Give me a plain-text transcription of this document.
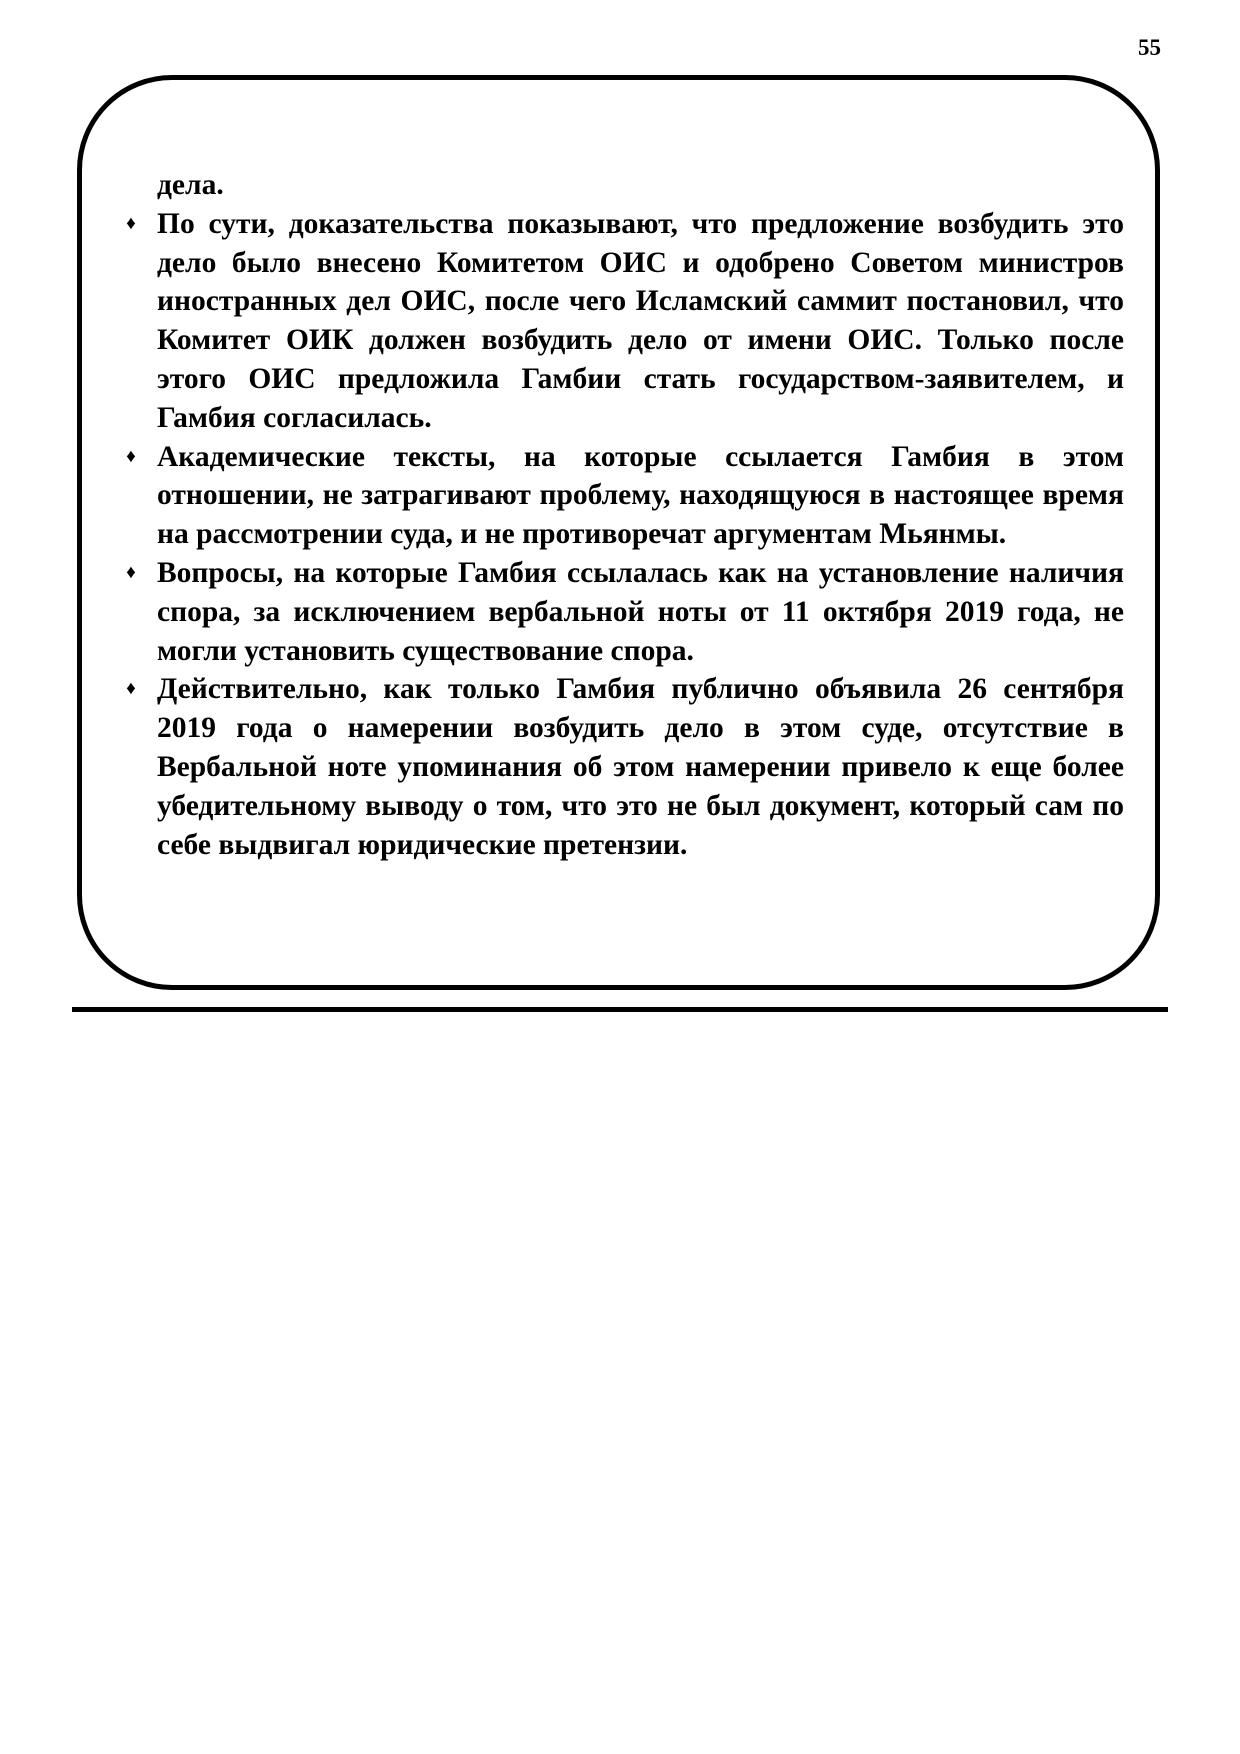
55

дела.

♦ По сути, доказательства показывают, что предложение возбудить это дело было внесено Комитетом ОИС и одобрено Советом министров иностранных дел ОИС, после чего Исламский саммит постановил, что Комитет ОИК должен возбудить дело от имени ОИС. Только после этого ОИС предложила Гамбии стать государством-заявителем, и Гамбия согласилась.
♦ Академические тексты, на которые ссылается Гамбия в этом отношении, не затрагивают проблему, находящуюся в настоящее время на рассмотрении суда, и не противоречат аргументам Мьянмы.
♦ Вопросы, на которые Гамбия ссылалась как на установление наличия спора, за исключением вербальной ноты от 11 октября 2019 года, не могли установить существование спора.
♦ Действительно, как только Гамбия публично объявила 26 сентября 2019 года о намерении возбудить дело в этом суде, отсутствие в Вербальной ноте упоминания об этом намерении привело к еще более убедительному выводу о том, что это не был документ, который сам по себе выдвигал юридические претензии.
